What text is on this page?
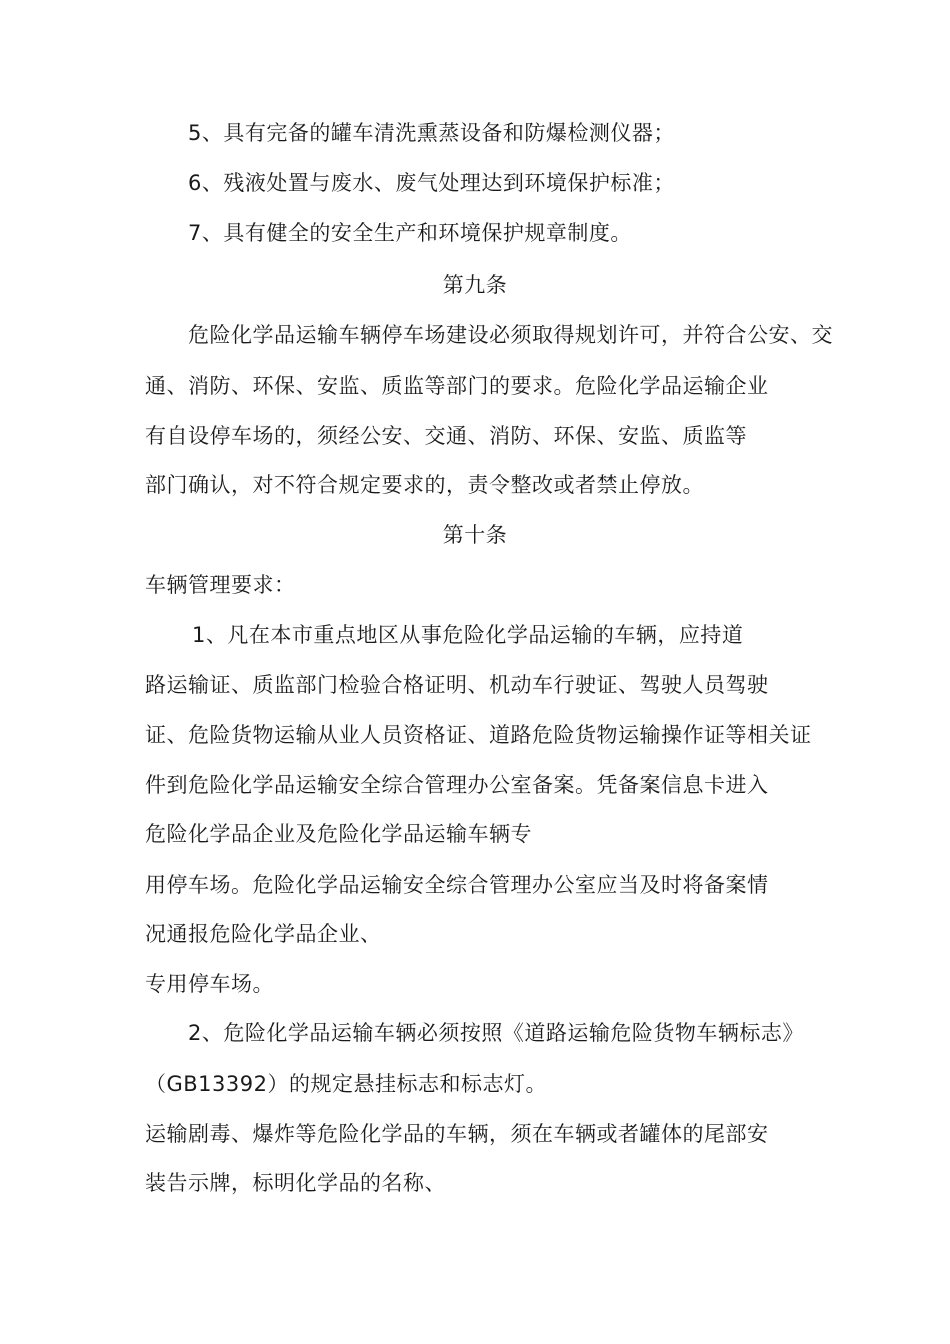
5、具有完备的罐车清洗熏蒸设备和防爆检测仪器；
6、残液处置与废水、废气处理达到环境保护标准；
7、具有健全的安全生产和环境保护规章制度。
第九条
危险化学品运输车辆停车场建设必须取得规划许可，并符合公安、交
通、消防、环保、安监、质监等部门的要求。危险化学品运输企业
有自设停车场的，须经公安、交通、消防、环保、安监、质监等
部门确认，对不符合规定要求的，责令整改或者禁止停放。
第十条
车辆管理要求：
1、凡在本市重点地区从事危险化学品运输的车辆，应持道
路运输证、质监部门检验合格证明、机动车行驶证、驾驶人员驾驶
证、危险货物运输从业人员资格证、道路危险货物运输操作证等相关证
件到危险化学品运输安全综合管理办公室备案。凭备案信息卡进入
危险化学品企业及危险化学品运输车辆专
用停车场。危险化学品运输安全综合管理办公室应当及时将备案情
况通报危险化学品企业、
专用停车场。
2、危险化学品运输车辆必须按照《道路运输危险货物车辆标志》
（GB13392）的规定悬挂标志和标志灯。
运输剧毒、爆炸等危险化学品的车辆，须在车辆或者罐体的尾部安
装告示牌，标明化学品的名称、
